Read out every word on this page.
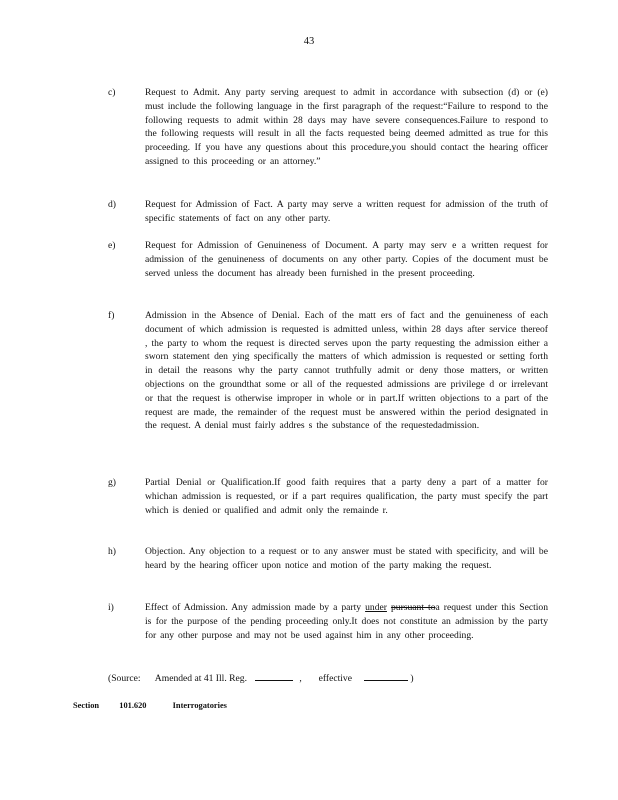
43
c)	Request to Admit. Any party serving arequest to admit in accordance with subsection (d) or (e) must include the following language in the first paragraph of the request:“Failure to respond to the following requests to admit within 28 days may have severe consequences.Failure to respond to the following requests will result in all the facts requested being deemed admitted as true for this proceeding. If you have any questions about this procedure,you should contact the hearing officer assigned to this proceeding or an attorney.”
d)	Request for Admission of Fact. A party may serve a written request for admission of the truth of specific statements of fact on any other party.
e)	Request for Admission of Genuineness of Document. A party may serv e a written request for admission of the genuineness of documents on any other party. Copies of the document must be served unless the document has already been furnished in the present proceeding.
f)	Admission in the Absence of Denial. Each of the matt ers of fact and the genuineness of each document of which admission is requested is admitted unless, within 28 days after service thereof , the party to whom the request is directed serves upon the party requesting the admission either a sworn statement den ying specifically the matters of which admission is requested or setting forth in detail the reasons why the party cannot truthfully admit or deny those matters, or written objections on the groundthat some or all of the requested admissions are privilege d or irrelevant or that the request is otherwise improper in whole or in part.If written objections to a part of the request are made, the remainder of the request must be answered within the period designated in the request. A denial must fairly addres s the substance of the requestedadmission.
g)	Partial Denial or Qualification.If good faith requires that a party deny a part of a matter for whichan admission is requested, or if a part requires qualification, the party must specify the part which is denied or qualified and admit only the remainde r.
h)	Objection. Any objection to a request or to any answer must be stated with specificity, and will be heard by the hearing officer upon notice and motion of the party making the request.
i)	Effect of Admission. Any admission made by a party under pursuant toa request under this Section is for the purpose of the pending proceeding only.It does not constitute an admission by the party for any other purpose and may not be used against him in any other proceeding.
(Source: Amended at 41 Ill. Reg.	, effective	)
Section 101.620	Interrogatories
